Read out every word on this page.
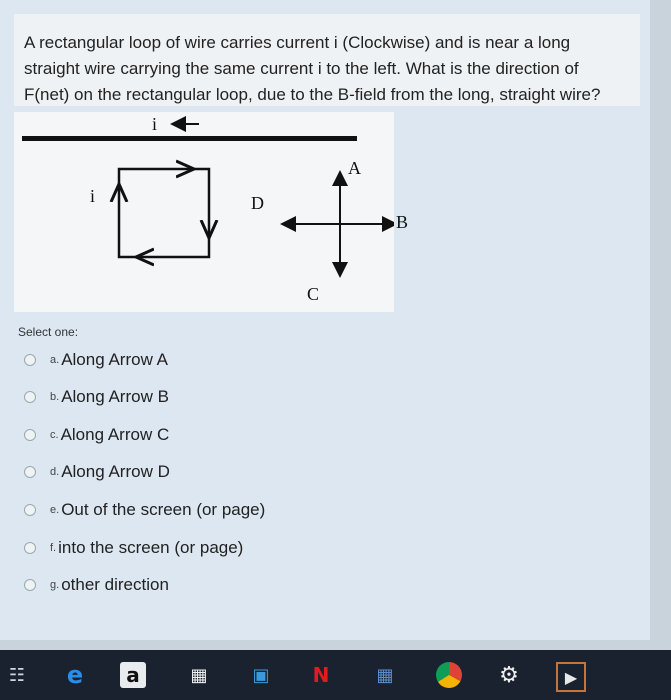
A rectangular loop of wire carries current i (Clockwise) and is near a long straight wire carrying the same current i to the left. What is the direction of F(net) on the rectangular loop, due to the B-field from the long, straight wire?
i
i	D
A
C
B
Select one:
a. Along Arrow A
b. Along Arrow B
c. Along Arrow C
d. Along Arrow D
e. Out of the screen (or page)
f. into the screen (or page)
g. other direction
☷ e a	▦ ▣ N	▦	⚙	▶
